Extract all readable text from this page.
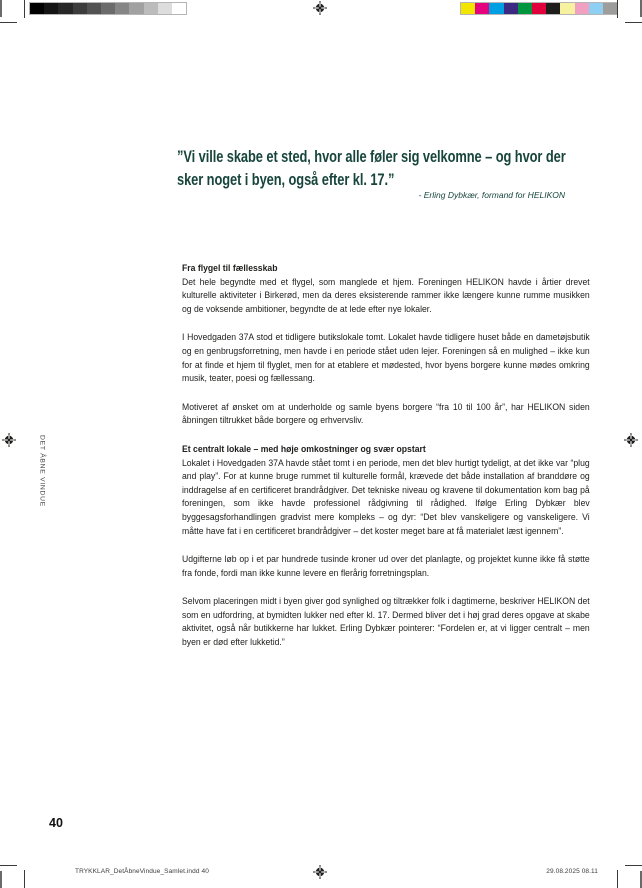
DET ÅBNE VINDUE
”Vi ville skabe et sted, hvor alle føler sig velkomne – og hvor der sker noget i byen, også efter kl. 17.”
- Erling Dybkær, formand for HELIKON
Fra flygel til fællesskab
Det hele begyndte med et flygel, som manglede et hjem. Foreningen HELIKON havde i årtier drevet kulturelle aktiviteter i Birkerød, men da deres eksisterende rammer ikke længere kunne rumme musikken og de voksende ambitioner, begyndte de at lede efter nye lokaler.
I Hovedgaden 37A stod et tidligere butikslokale tomt. Lokalet havde tidligere huset både en dametøjsbutik og en genbrugsforretning, men havde i en periode stået uden lejer. Foreningen så en mulighed – ikke kun for at finde et hjem til flyglet, men for at etablere et mødested, hvor byens borgere kunne mødes omkring musik, teater, poesi og fællessang.
Motiveret af ønsket om at underholde og samle byens borgere “fra 10 til 100 år”, har HELIKON siden åbningen tiltrukket både borgere og erhvervsliv.
Et centralt lokale – med høje omkostninger og svær opstart
Lokalet i Hovedgaden 37A havde stået tomt i en periode, men det blev hurtigt tydeligt, at det ikke var “plug and play”. For at kunne bruge rummet til kulturelle formål, krævede det både installation af branddøre og inddragelse af en certificeret brandrådgiver. Det tekniske niveau og kravene til dokumentation kom bag på foreningen, som ikke havde professionel rådgivning til rådighed. Ifølge Erling Dybkær blev byggesagsforhandlingen gradvist mere kompleks – og dyr: “Det blev vanskeligere og vanskeligere. Vi måtte have fat i en certificeret brandrådgiver – det koster meget bare at få materialet læst igennem”.
Udgifterne løb op i et par hundrede tusinde kroner ud over det planlagte, og projektet kunne ikke få støtte fra fonde, fordi man ikke kunne levere en flerårig forretningsplan.
Selvom placeringen midt i byen giver god synlighed og tiltrækker folk i dagtimerne, beskriver HELIKON det som en udfordring, at bymidten lukker ned efter kl. 17. Dermed bliver det i høj grad deres opgave at skabe aktivitet, også når butikkerne har lukket. Erling Dybkær pointerer: “Fordelen er, at vi ligger centralt – men byen er død efter lukketid.”
40
TRYKKLAR_DetÅbneVindue_Samlet.indd 40	29.08.2025 08.11
